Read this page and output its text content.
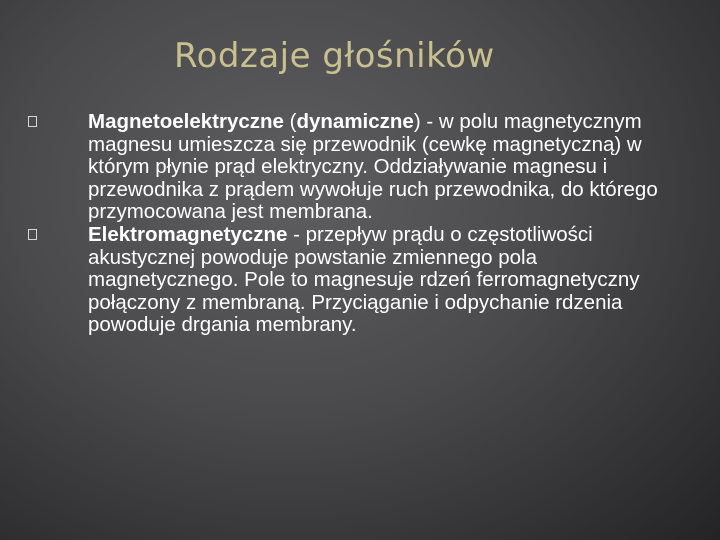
Rodzaje głośników
Magnetoelektryczne (dynamiczne) - w polu magnetycznym magnesu umieszcza się przewodnik (cewkę magnetyczną) w którym płynie prąd elektryczny. Oddziaływanie magnesu i przewodnika z prądem wywołuje ruch przewodnika, do którego przymocowana jest membrana.
Elektromagnetyczne - przepływ prądu o częstotliwości akustycznej powoduje powstanie zmiennego pola magnetycznego. Pole to magnesuje rdzeń ferromagnetyczny połączony z membraną. Przyciąganie i odpychanie rdzenia powoduje drgania membrany.
